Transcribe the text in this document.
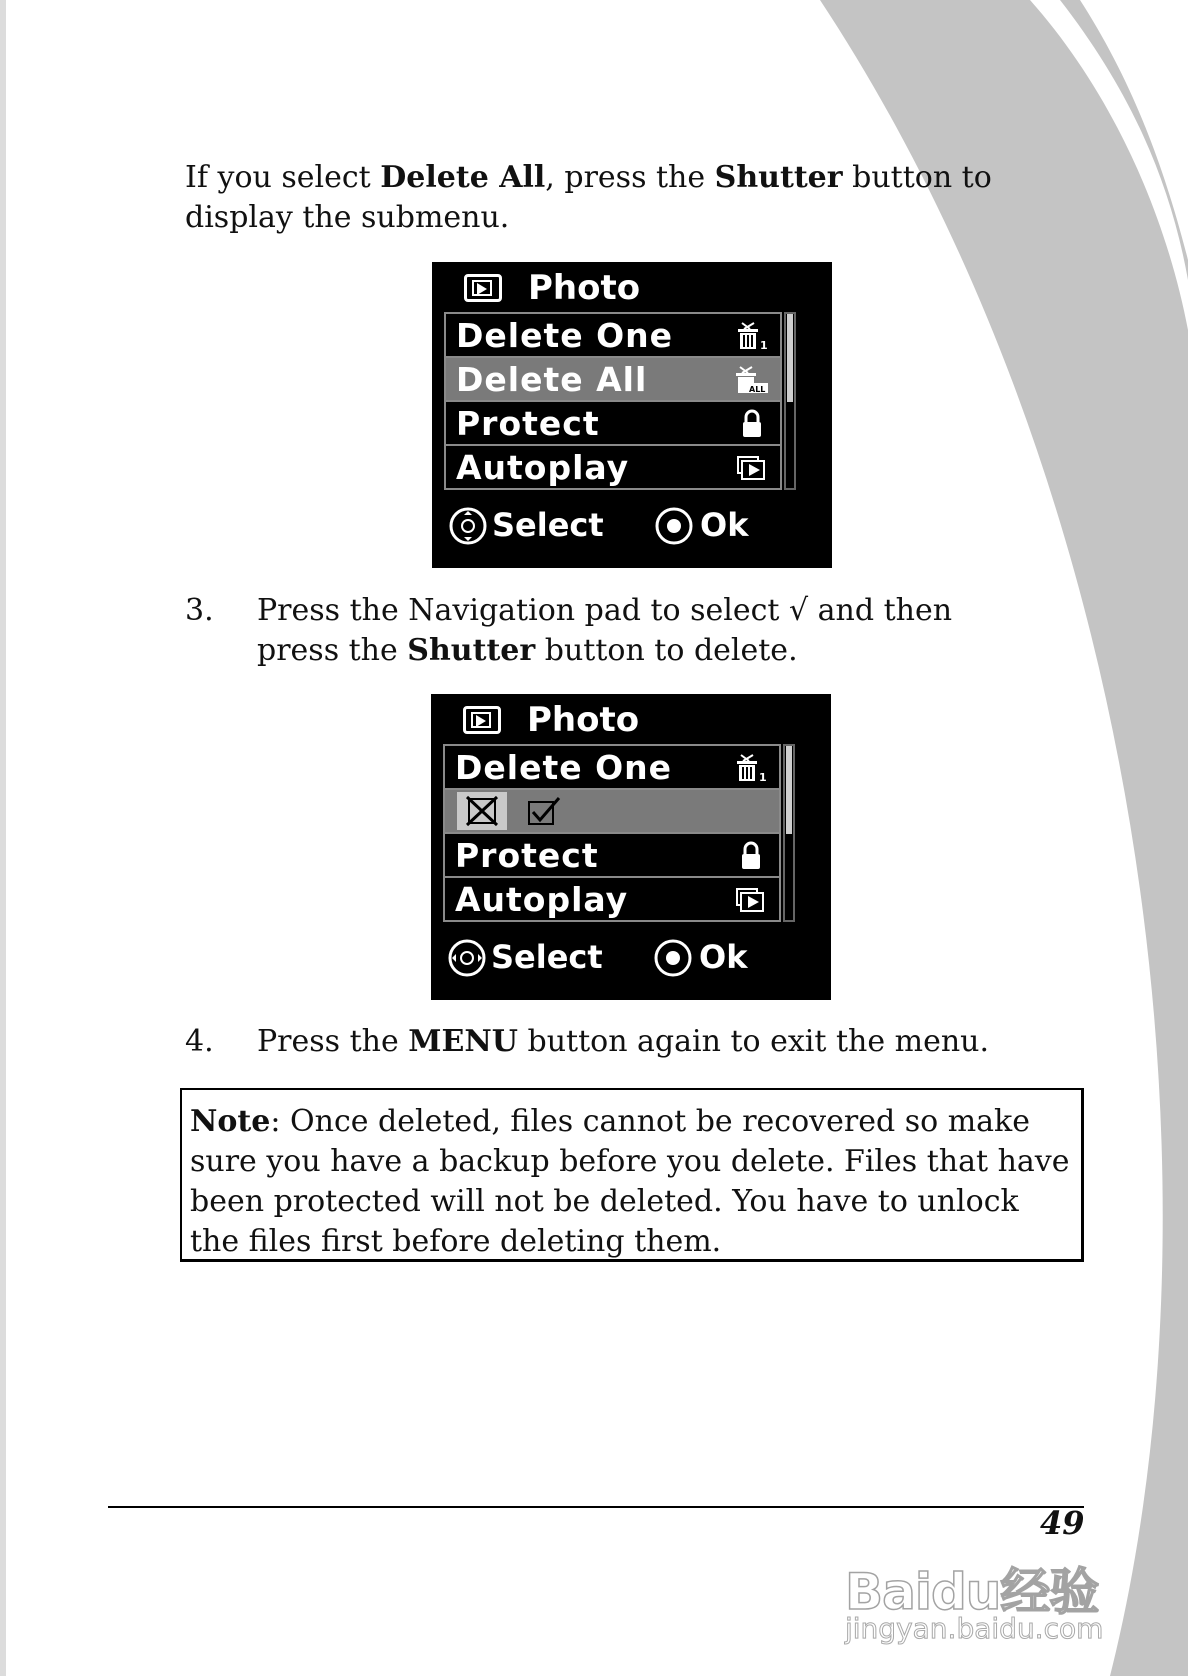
If you select Delete All, press the Shutter button to display the submenu.
Photo
Delete One	1
Delete All	ALL
Protect
Autoplay
Select	Ok
3. Press the Navigation pad to select √ and then press the Shutter button to delete.
Photo
Delete One	1
Protect
Autoplay
Select	Ok
4. Press the MENU button again to exit the menu.
Note: Once deleted, files cannot be recovered so make sure you have a backup before you delete. Files that have been protected will not be deleted. You have to unlock the files first before deleting them.
49
Baidu经验
jingyan.baidu.com
